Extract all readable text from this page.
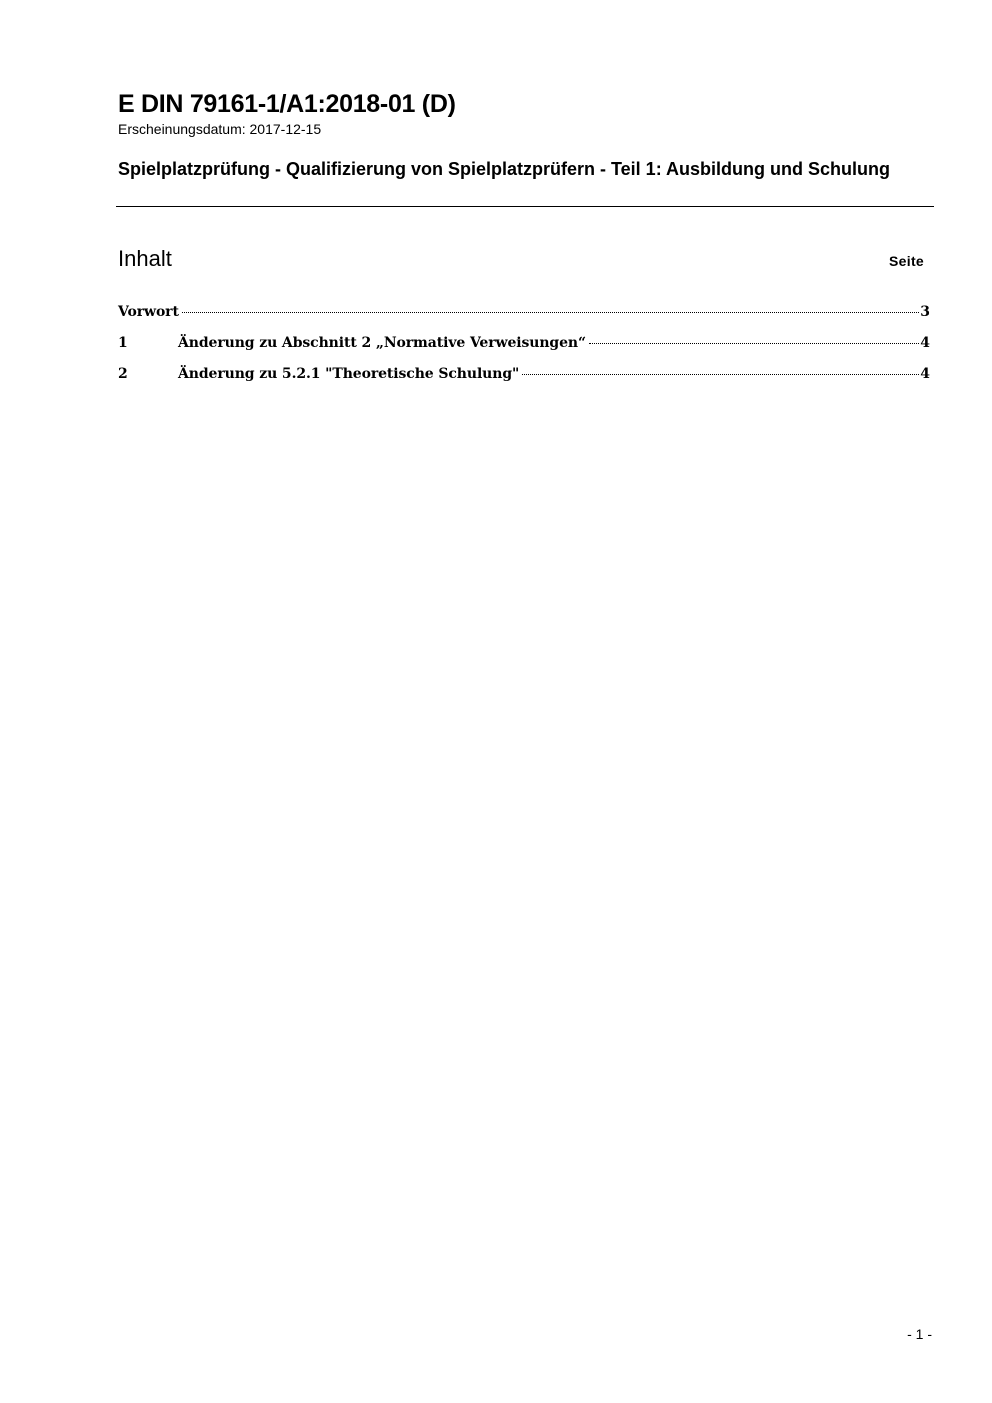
E DIN 79161-1/A1:2018-01 (D)
Erscheinungsdatum: 2017-12-15
Spielplatzprüfung - Qualifizierung von Spielplatzprüfern - Teil 1: Ausbildung und Schulung
Inhalt	Seite
Vorwort	3
1	Änderung zu Abschnitt 2 „Normative Verweisungen“	4
2	Änderung zu 5.2.1 "Theoretische Schulung"	4
- 1 -
